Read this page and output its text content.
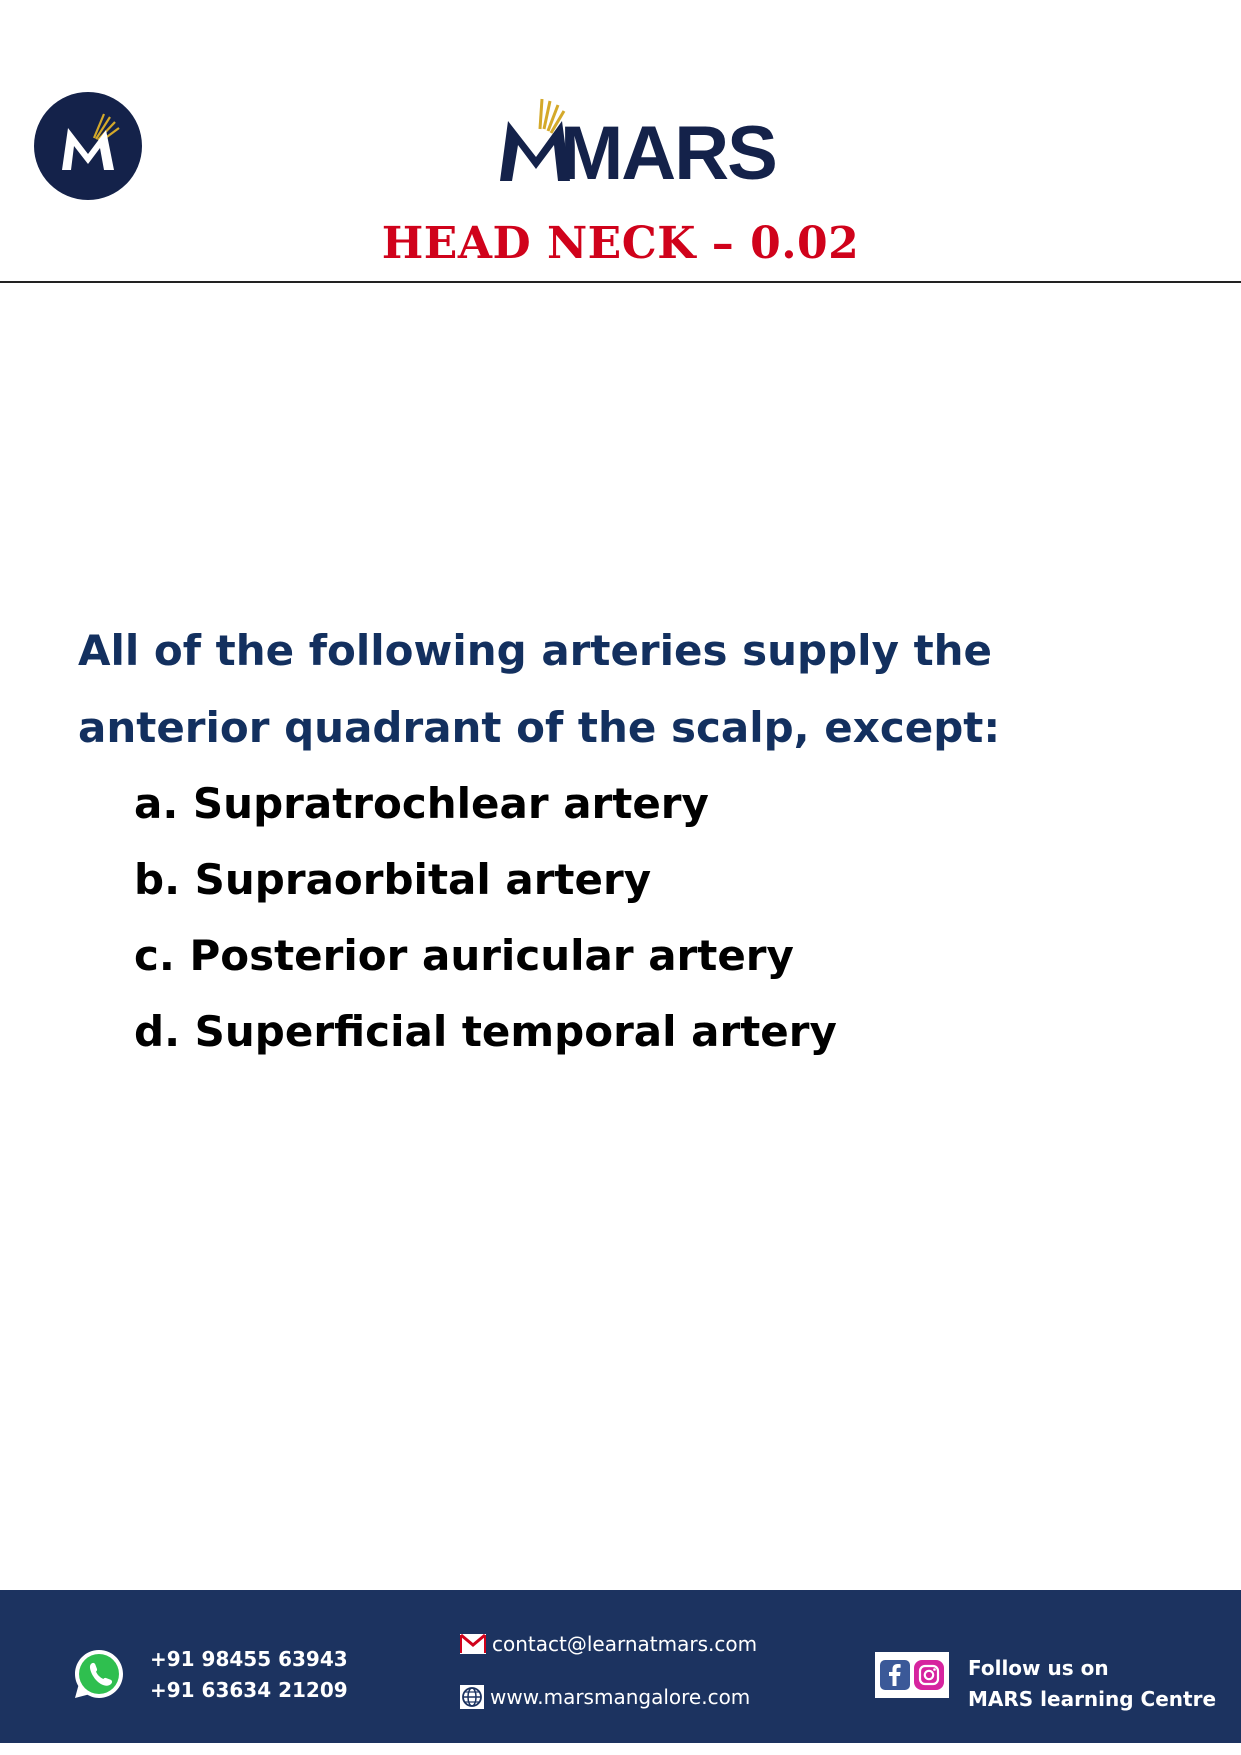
MARS
HEAD NECK – 0.02

All of the following arteries supply the anterior quadrant of the scalp, except:

a. Supratrochlear artery
b. Supraorbital artery
c. Posterior auricular artery
d. Superficial temporal artery
+91 98455 63943
+91 63634 21209
contact@learnatmars.com
www.marsmangalore.com
Follow us on
MARS learning Centre
